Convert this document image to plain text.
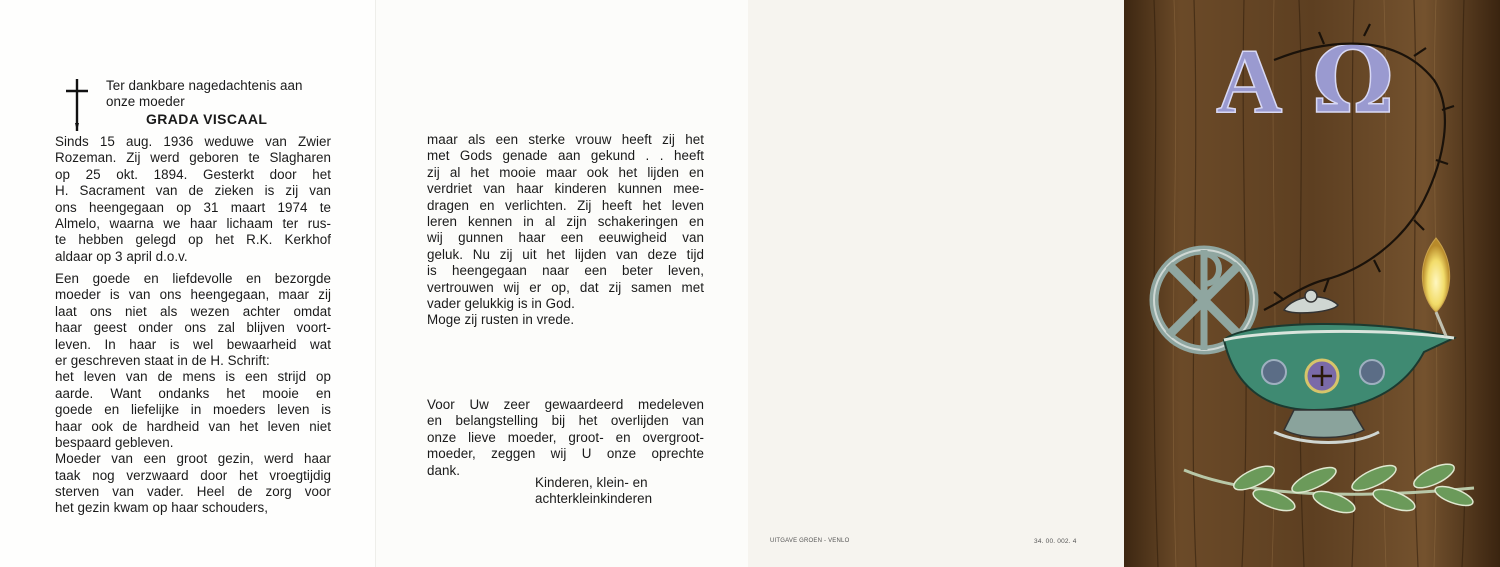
Ter dankbare nagedachtenis aan
onze moeder
GRADA VISCAAL
Sinds 15 aug. 1936 weduwe van Zwier
Rozeman. Zij werd geboren te Slagharen
op 25 okt. 1894. Gesterkt door het
H. Sacrament van de zieken is zij van
ons heengegaan op 31 maart 1974 te
Almelo, waarna we haar lichaam ter rus-
te hebben gelegd op het R.K. Kerkhof
aldaar op 3 april d.o.v.
Een goede en liefdevolle en bezorgde
moeder is van ons heengegaan, maar zij
laat ons niet als wezen achter omdat
haar geest onder ons zal blijven voort-
leven. In haar is wel bewaarheid wat
er geschreven staat in de H. Schrift:
het leven van de mens is een strijd op
aarde. Want ondanks het mooie en
goede en liefelijke in moeders leven is
haar ook de hardheid van het leven niet
bespaard gebleven.
Moeder van een groot gezin, werd haar
taak nog verzwaard door het vroegtijdig
sterven van vader. Heel de zorg voor
het gezin kwam op haar schouders,
maar als een sterke vrouw heeft zij het
met Gods genade aan gekund . . heeft
zij al het mooie maar ook het lijden en
verdriet van haar kinderen kunnen mee-
dragen en verlichten. Zij heeft het leven
leren kennen in al zijn schakeringen en
wij gunnen haar een eeuwigheid van
geluk. Nu zij uit het lijden van deze tijd
is heengegaan naar een beter leven,
vertrouwen wij er op, dat zij samen met
vader gelukkig is in God.
Moge zij rusten in vrede.
Voor Uw zeer gewaardeerd medeleven
en belangstelling bij het overlijden van
onze lieve moeder, groot- en overgroot-
moeder, zeggen wij U onze oprechte
dank.
Kinderen, klein- en
achterkleinkinderen
UITGAVE GROEN - VENLO	34. 00. 002. 4
A Ω
